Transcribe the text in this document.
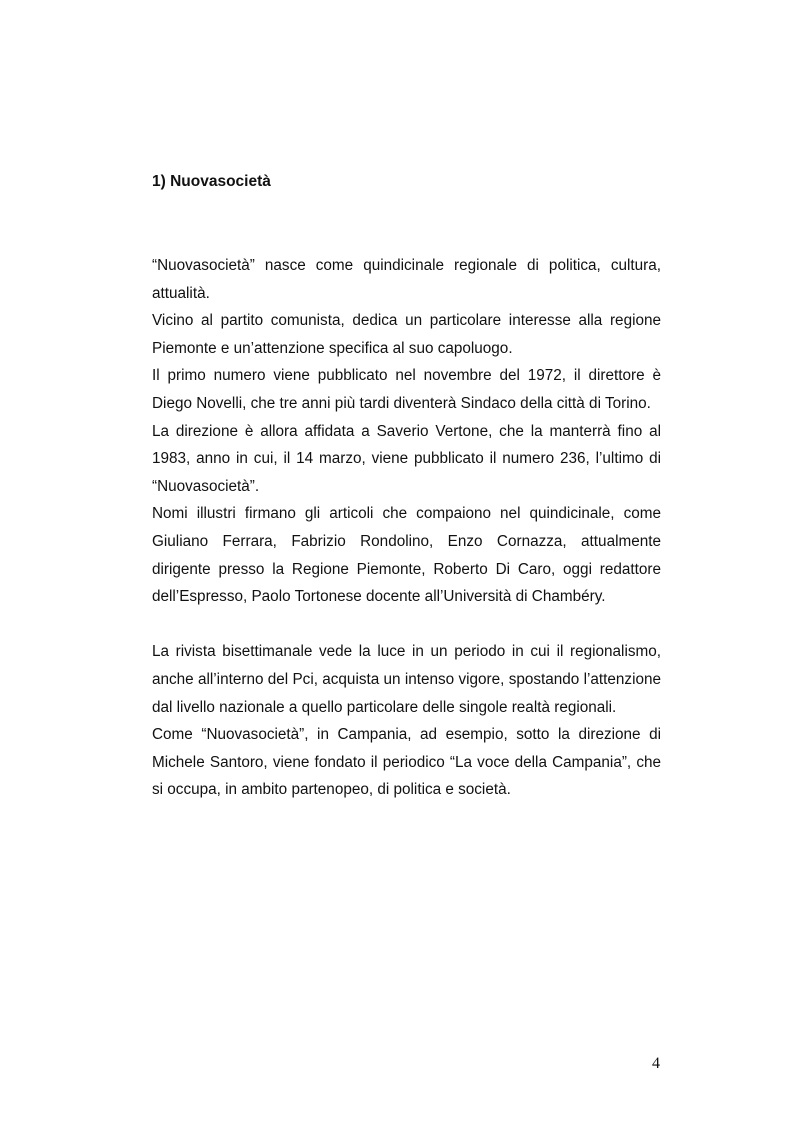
1) Nuovasocietà

“Nuovasocietà” nasce come quindicinale regionale di politica, cultura, attualità.

Vicino al partito comunista, dedica un particolare interesse alla regione Piemonte e un’attenzione specifica al suo capoluogo.

Il primo numero viene pubblicato nel novembre del 1972, il direttore è Diego Novelli, che tre anni più tardi diventerà Sindaco della città di Torino.

La direzione è allora affidata a Saverio Vertone, che la manterrà fino al 1983, anno in cui, il 14 marzo, viene pubblicato il numero 236, l’ultimo di “Nuovasocietà”.

Nomi illustri firmano gli articoli che compaiono nel quindicinale, come Giuliano Ferrara, Fabrizio Rondolino, Enzo Cornazza, attualmente dirigente presso la Regione Piemonte, Roberto Di Caro, oggi redattore dell’Espresso, Paolo Tortonese docente all’Università di Chambéry.

La rivista bisettimanale vede la luce in un periodo in cui il regionalismo, anche all’interno del Pci, acquista un intenso vigore, spostando l’attenzione dal livello nazionale a quello particolare delle singole realtà regionali.

Come “Nuovasocietà”, in Campania, ad esempio, sotto la direzione di Michele Santoro, viene fondato il periodico “La voce della Campania”, che si occupa, in ambito partenopeo, di politica e società.

4
